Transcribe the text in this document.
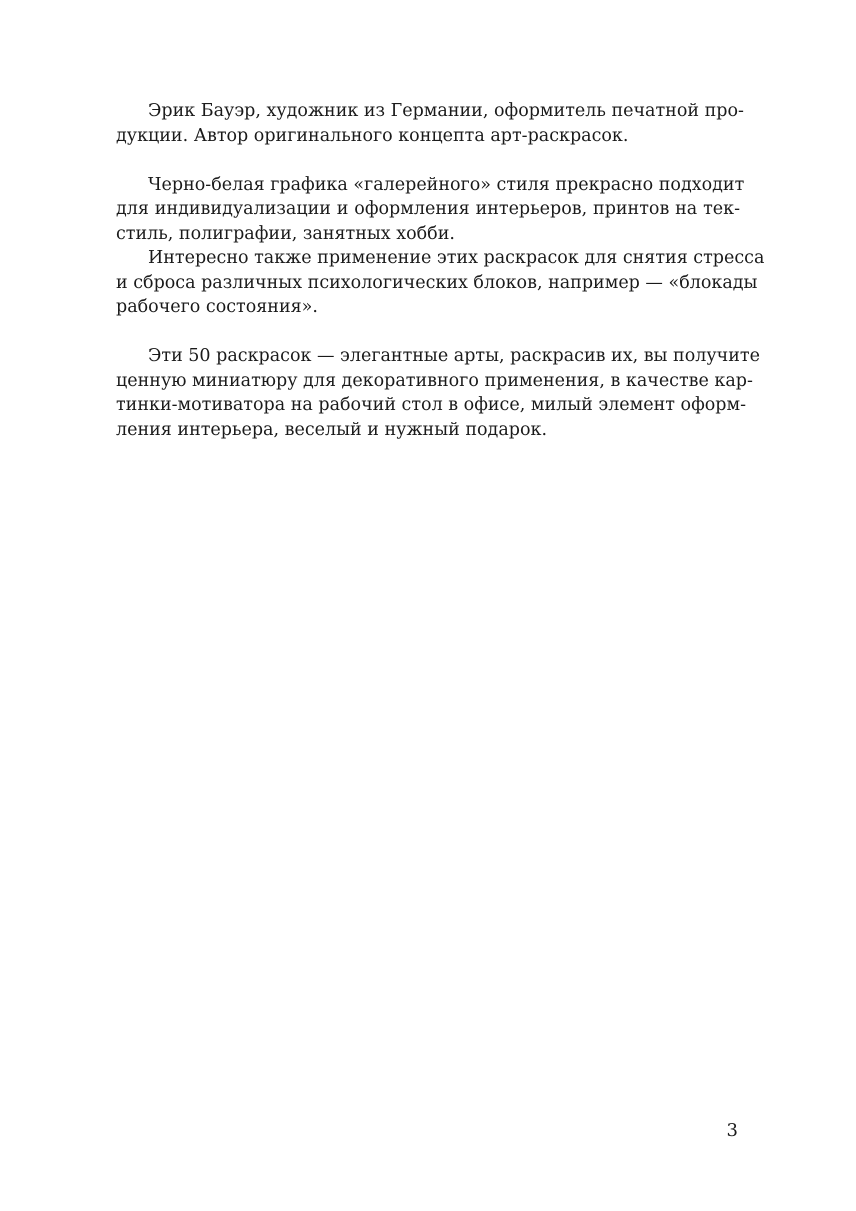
Эрик Бауэр, художник из Германии, оформитель печатной про-
дукции. Автор оригинального концепта арт-раскрасок.
Черно-белая графика «галерейного» стиля прекрасно подходит
для индивидуализации и оформления интерьеров, принтов на тек-
стиль, полиграфии, занятных хобби.
Интересно также применение этих раскрасок для снятия стресса
и сброса различных психологических блоков, например — «блокады
рабочего состояния».
Эти 50 раскрасок — элегантные арты, раскрасив их, вы получите
ценную миниатюру для декоративного применения, в качестве кар-
тинки-мотиватора на рабочий стол в офисе, милый элемент оформ-
ления интерьера, веселый и нужный подарок.
3
